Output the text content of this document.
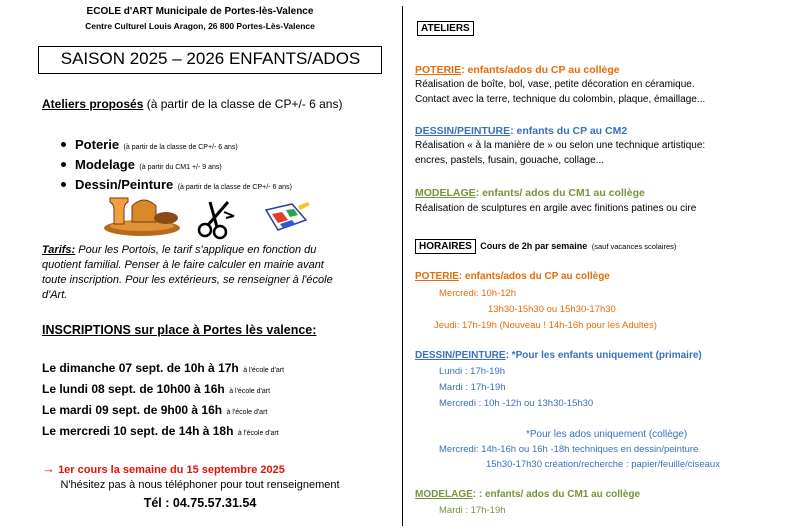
ECOLE d'ART Municipale de Portes-lès-Valence
Centre Culturel Louis Aragon, 26 800 Portes-Lès-Valence
SAISON 2025 – 2026 ENFANTS/ADOS
Ateliers proposés (à partir de la classe de CP+/- 6 ans)
Poterie (à partir de la classe de CP+/- 6 ans)
Modelage (à partir du CM1 +/- 9 ans)
Dessin/Peinture (à partir de la classe de CP+/- 6 ans)
Tarifs: Pour les Portois, le tarif s'applique en fonction du
quotient familial. Penser à le faire calculer en mairie avant
toute inscription. Pour les extérieurs, se renseigner à l'école
d'Art.
INSCRIPTIONS sur place à Portes lès valence:
Le dimanche 07 sept. de 10h à 17h à l'école d'art
Le lundi 08 sept. de 10h00 à 16h à l'école d'art
Le mardi 09 sept. de 9h00 à 16h à l'école d'art
Le mercredi 10 sept. de 14h à 18h à l'école d'art
→ 1er cours la semaine du 15 septembre 2025
N'hésitez pas à nous téléphoner pour tout renseignement
Tél : 04.75.57.31.54
ATELIERS
POTERIE: enfants/ados du CP au collège
Réalisation de boîte, bol, vase, petite décoration en céramique.
Contact avec la terre, technique du colombin, plaque, émaillage...
DESSIN/PEINTURE: enfants du CP au CM2
Réalisation « à la manière de » ou selon une technique artistique:
encres, pastels, fusain, gouache, collage...
MODELAGE: enfants/ ados du CM1 au collège
Réalisation de sculptures en argile avec finitions patines ou cire
HORAIRES Cours de 2h par semaine (sauf vacances scolaires)
POTERIE: enfants/ados du CP au collège
Mercredi: 10h-12h
13h30-15h30 ou 15h30-17h30
Jeudi: 17h-19h (Nouveau ! 14h-16h pour les Adultes)
DESSIN/PEINTURE: *Pour les enfants uniquement (primaire)
Lundi : 17h-19h
Mardi : 17h-19h
Mercredi : 10h -12h ou 13h30-15h30
*Pour les ados uniquement (collège)
Mercredi: 14h-16h ou 16h -18h techniques en dessin/peinture
15h30-17h30 création/recherche : papier/feuille/ciseaux
MODELAGE: : enfants/ ados du CM1 au collège
Mardi : 17h-19h
